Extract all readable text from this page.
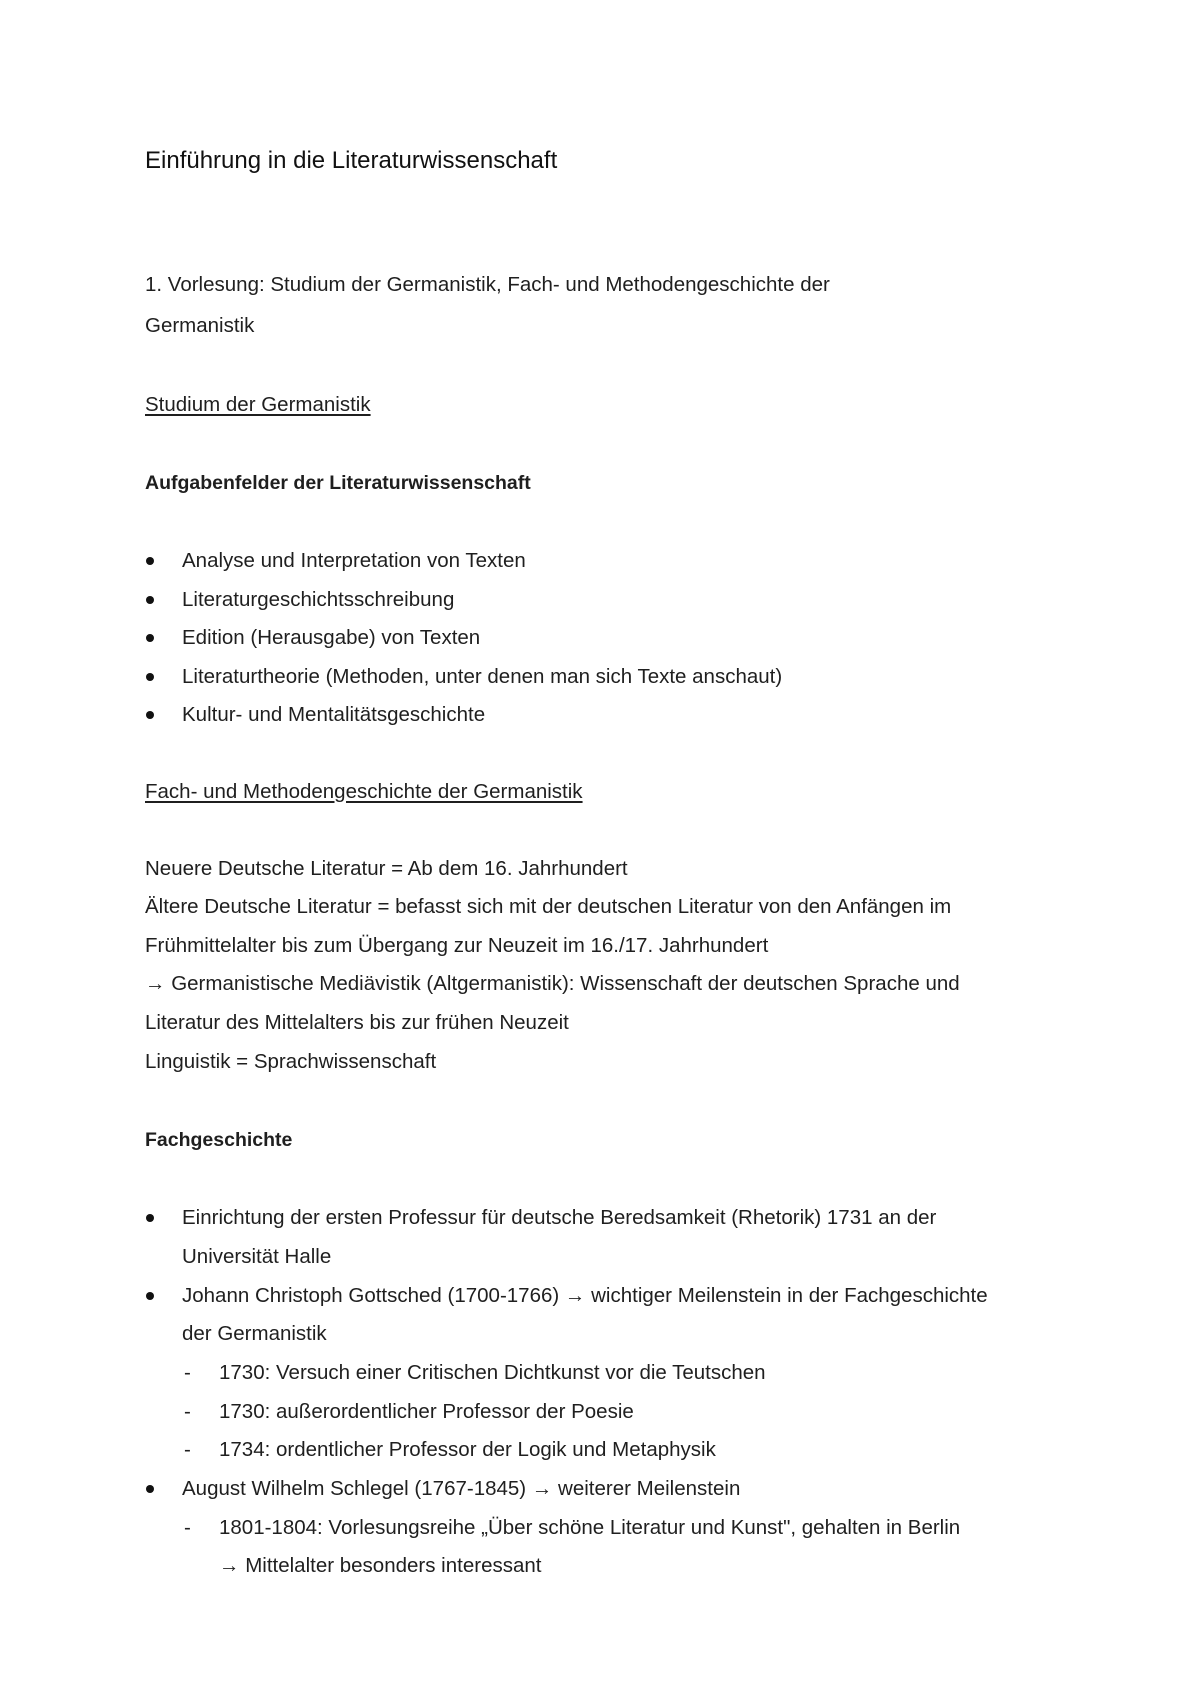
Einführung in die Literaturwissenschaft
1. Vorlesung: Studium der Germanistik, Fach- und Methodengeschichte der
Germanistik
Studium der Germanistik
Aufgabenfelder der Literaturwissenschaft
Analyse und Interpretation von Texten
Literaturgeschichtsschreibung
Edition (Herausgabe) von Texten
Literaturtheorie (Methoden, unter denen man sich Texte anschaut)
Kultur- und Mentalitätsgeschichte
Fach- und Methodengeschichte der Germanistik
Neuere Deutsche Literatur = Ab dem 16. Jahrhundert
Ältere Deutsche Literatur = befasst sich mit der deutschen Literatur von den Anfängen im
Frühmittelalter bis zum Übergang zur Neuzeit im 16./17. Jahrhundert
→ Germanistische Mediävistik (Altgermanistik): Wissenschaft der deutschen Sprache und
Literatur des Mittelalters bis zur frühen Neuzeit
Linguistik = Sprachwissenschaft
Fachgeschichte
Einrichtung der ersten Professur für deutsche Beredsamkeit (Rhetorik) 1731 an der
Universität Halle
Johann Christoph Gottsched (1700-1766) → wichtiger Meilenstein in der Fachgeschichte
der Germanistik
- 1730: Versuch einer Critischen Dichtkunst vor die Teutschen
- 1730: außerordentlicher Professor der Poesie
- 1734: ordentlicher Professor der Logik und Metaphysik
August Wilhelm Schlegel (1767-1845) → weiterer Meilenstein
- 1801-1804: Vorlesungsreihe „Über schöne Literatur und Kunst", gehalten in Berlin
→ Mittelalter besonders interessant
